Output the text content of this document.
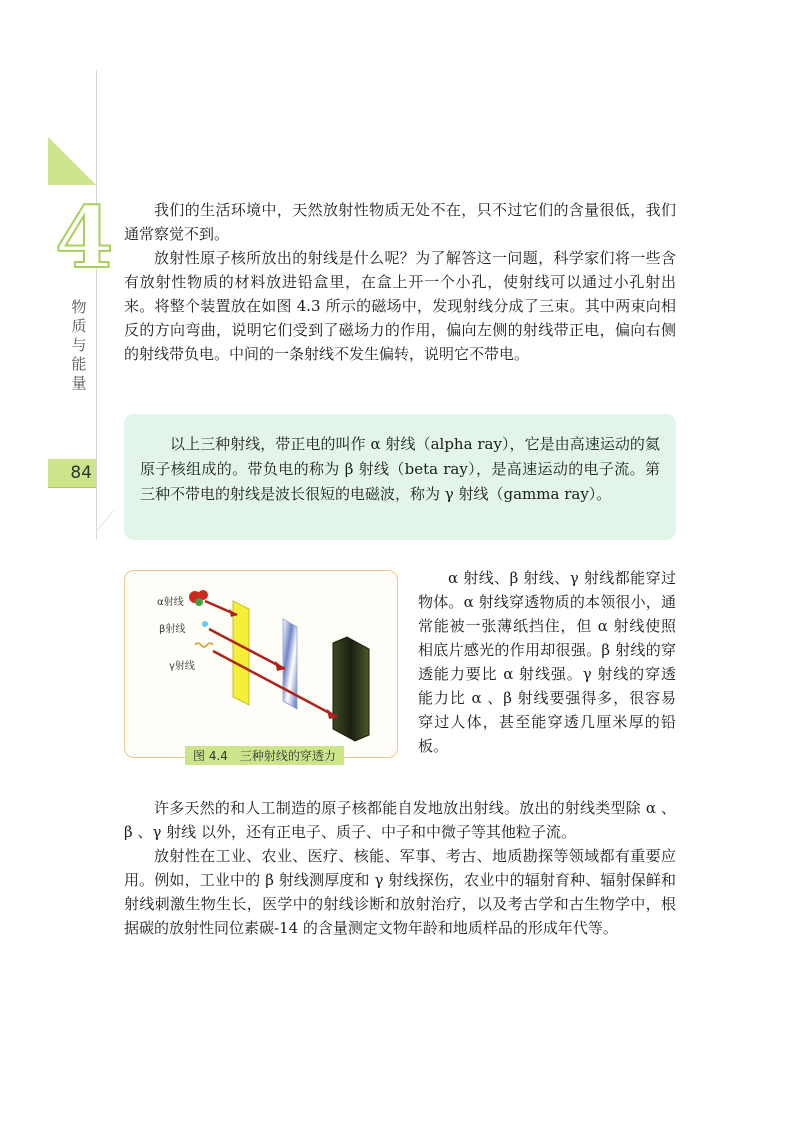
4
物质与能量
84

我们的生活环境中，天然放射性物质无处不在，只不过它们的含量很低，我们通常察觉不到。

放射性原子核所放出的射线是什么呢？为了解答这一问题，科学家们将一些含有放射性物质的材料放进铅盒里，在盒上开一个小孔，使射线可以通过小孔射出来。将整个装置放在如图 4.3 所示的磁场中，发现射线分成了三束。其中两束向相反的方向弯曲，说明它们受到了磁场力的作用，偏向左侧的射线带正电，偏向右侧的射线带负电。中间的一条射线不发生偏转，说明它不带电。

以上三种射线，带正电的叫作 α 射线（alpha ray），它是由高速运动的氦原子核组成的。带负电的称为 β 射线（beta ray），是高速运动的电子流。第三种不带电的射线是波长很短的电磁波，称为 γ 射线（gamma ray）。

α射线
β射线
γ射线
图 4.4　三种射线的穿透力

α 射线、β 射线、γ 射线都能穿过物体。α 射线穿透物质的本领很小，通常能被一张薄纸挡住，但 α 射线使照相底片感光的作用却很强。β 射线的穿透能力要比 α 射线强。γ 射线的穿透能力比 α 、β 射线要强得多，很容易穿过人体，甚至能穿透几厘米厚的铅板。

许多天然的和人工制造的原子核都能自发地放出射线。放出的射线类型除 α 、β 、γ 射线 以外，还有正电子、质子、中子和中微子等其他粒子流。

放射性在工业、农业、医疗、核能、军事、考古、地质勘探等领域都有重要应用。例如，工业中的 β 射线测厚度和 γ 射线探伤，农业中的辐射育种、辐射保鲜和射线刺激生物生长，医学中的射线诊断和放射治疗，以及考古学和古生物学中，根据碳的放射性同位素碳-14 的含量测定文物年龄和地质样品的形成年代等。
